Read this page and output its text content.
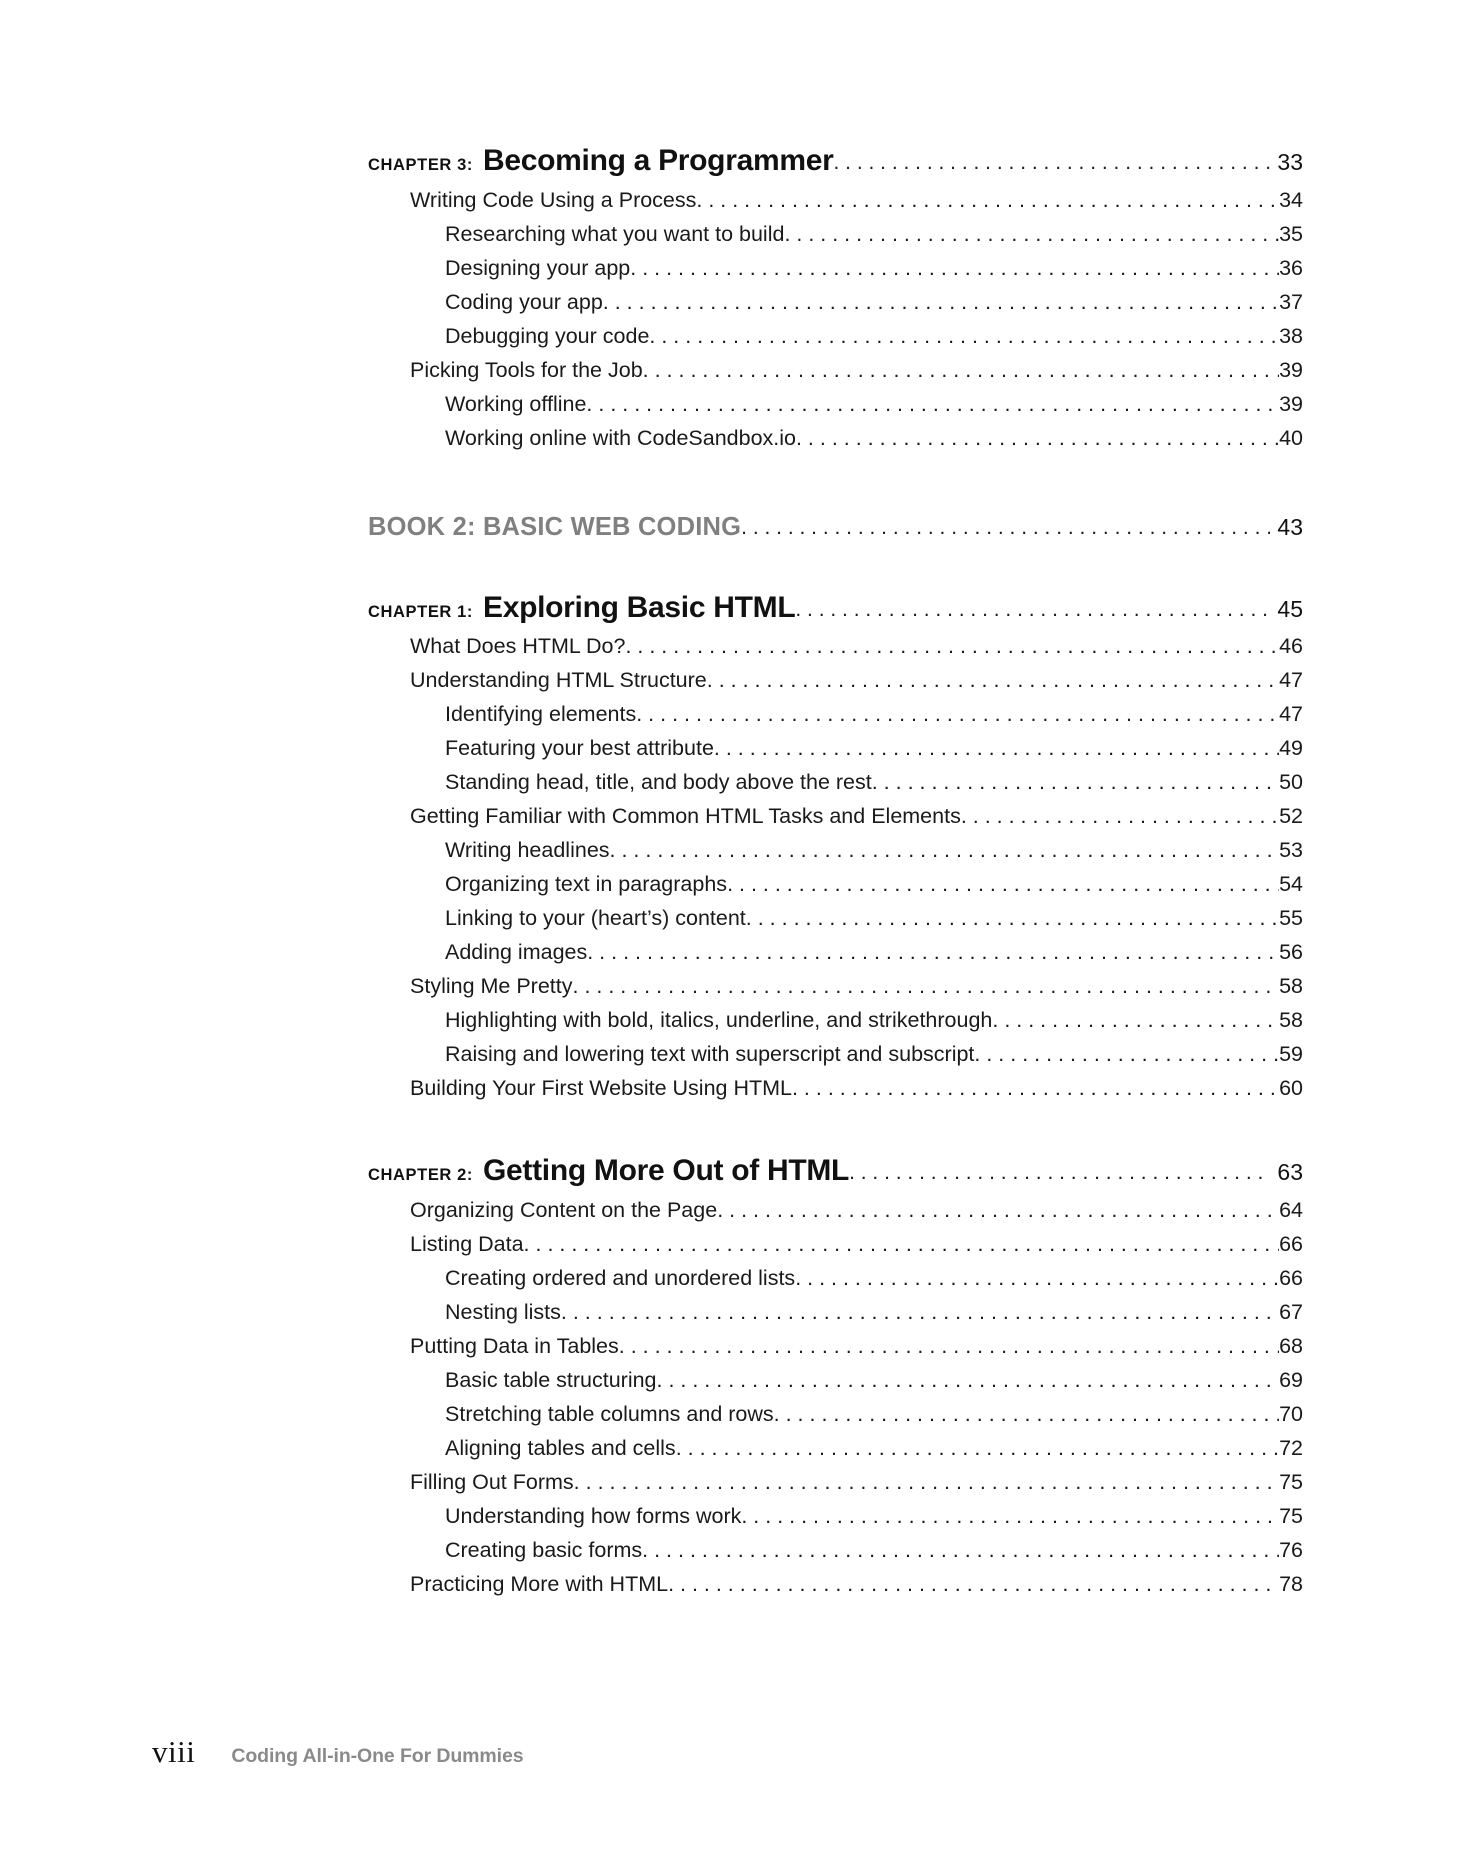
CHAPTER 3: Becoming a Programmer . . .	33
Writing Code Using a Process . . .	34
Researching what you want to build . . .	35
Designing your app . . .	36
Coding your app . . .	37
Debugging your code . . .	38
Picking Tools for the Job . . .	39
Working offline . . .	39
Working online with CodeSandbox.io . . .	40
BOOK 2: BASIC WEB CODING . . .	43
CHAPTER 1: Exploring Basic HTML . . .	45
What Does HTML Do? . . .	46
Understanding HTML Structure . . .	47
Identifying elements . . .	47
Featuring your best attribute . . .	49
Standing head, title, and body above the rest . . .	50
Getting Familiar with Common HTML Tasks and Elements . . .	52
Writing headlines . . .	53
Organizing text in paragraphs . . .	54
Linking to your (heart’s) content . . .	55
Adding images . . .	56
Styling Me Pretty . . .	58
Highlighting with bold, italics, underline, and strikethrough . . .	58
Raising and lowering text with superscript and subscript . . .	59
Building Your First Website Using HTML . . .	60
CHAPTER 2: Getting More Out of HTML . . .	63
Organizing Content on the Page . . .	64
Listing Data . . .	66
Creating ordered and unordered lists . . .	66
Nesting lists . . .	67
Putting Data in Tables . . .	68
Basic table structuring . . .	69
Stretching table columns and rows . . .	70
Aligning tables and cells . . .	72
Filling Out Forms . . .	75
Understanding how forms work . . .	75
Creating basic forms . . .	76
Practicing More with HTML . . .	78
viii Coding All-in-One For Dummies
